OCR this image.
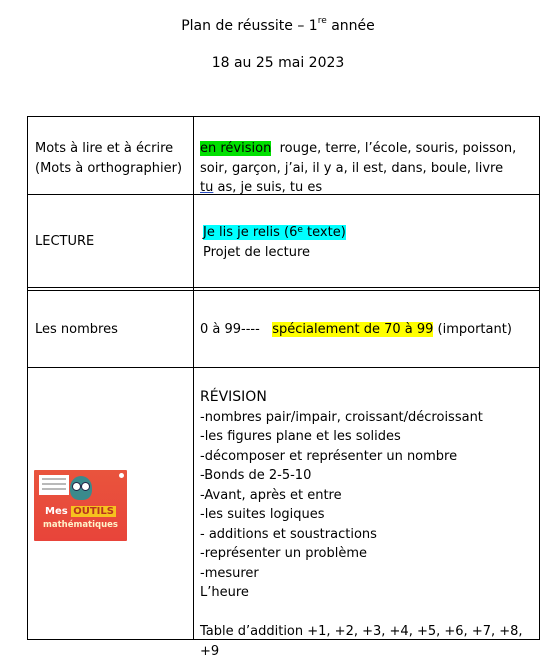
Plan de réussite – 1re année
18 au 25 mai 2023
Mots à lire et à écrire
(Mots à orthographier)
en révision  rouge, terre, l’école, souris, poisson,
soir, garçon, j’ai, il y a, il est, dans, boule, livre
tu as, je suis, tu es
LECTURE
Je lis je relis (6e texte)
Projet de lecture
Les nombres	0 à 99----   spécialement de 70 à 99 (important)
Mes OUTILS
mathématiques
RÉVISION
-nombres pair/impair, croissant/décroissant
-les figures plane et les solides
-décomposer et représenter un nombre
-Bonds de 2-5-10
-Avant, après et entre
-les suites logiques
- additions et soustractions
-représenter un problème
-mesurer
L’heure
Table d’addition +1, +2, +3, +4, +5, +6, +7, +8, +9
